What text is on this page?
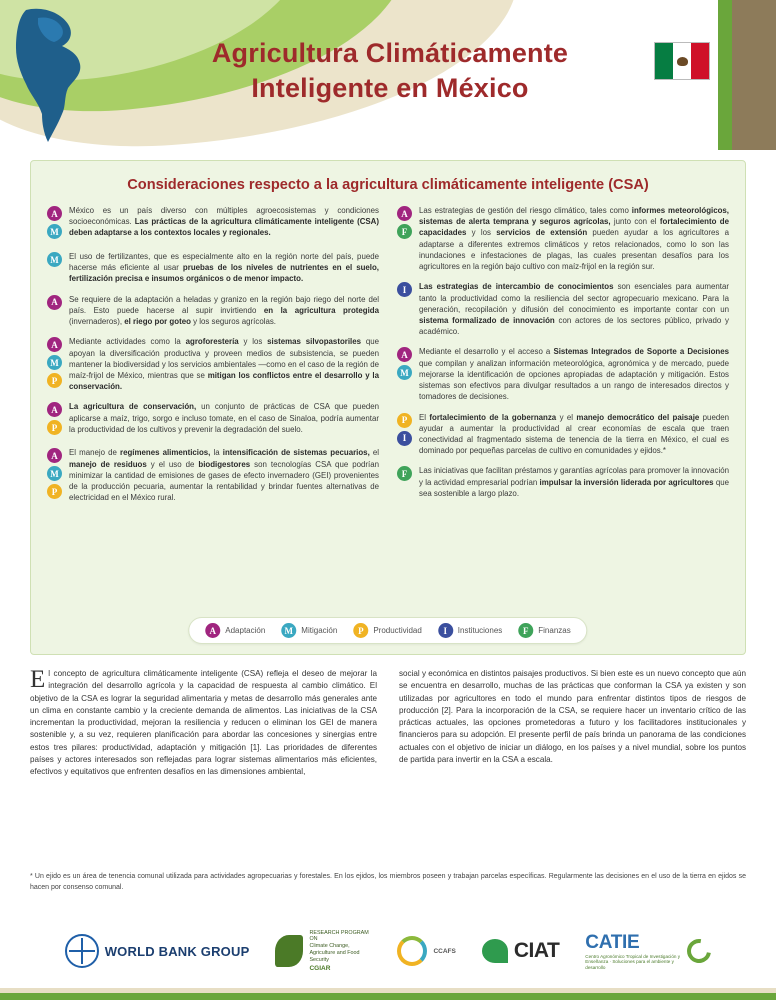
Agricultura Climáticamente
Inteligente en México
Consideraciones respecto a la agricultura climáticamente inteligente (CSA)
A
M
México es un país diverso con múltiples agroecosistemas y condiciones socioeconómicas. Las prácticas de la agricultura climáticamente inteligente (CSA) deben adaptarse a los contextos locales y regionales.
M	El uso de fertilizantes, que es especialmente alto en la región norte del país, puede hacerse más eficiente al usar pruebas de los niveles de nutrientes en el suelo, fertilización precisa e insumos orgánicos o de menor impacto.
A	Se requiere de la adaptación a heladas y granizo en la región bajo riego del norte del país. Esto puede hacerse al supir invirtiendo en la agricultura protegida (invernaderos), el riego por goteo y los seguros agrícolas.
A
M
P
Mediante actividades como la agroforestería y los sistemas silvopastoriles que apoyan la diversificación productiva y proveen medios de subsistencia, se pueden mantener la biodiversidad y los servicios ambientales —como en el caso de la región de maíz-frijol de México, mientras que se mitigan los conflictos entre el desarrollo y la conservación.
A
P
La agricultura de conservación, un conjunto de prácticas de CSA que pueden aplicarse a maíz, trigo, sorgo e incluso tomate, en el caso de Sinaloa, podría aumentar la productividad de los cultivos y prevenir la degradación del suelo.
A
M
P
El manejo de regímenes alimenticios, la intensificación de sistemas pecuarios, el manejo de residuos y el uso de biodigestores son tecnologías CSA que podrían minimizar la cantidad de emisiones de gases de efecto invernadero (GEI) provenientes de la producción pecuaria, aumentar la rentabilidad y brindar fuentes alternativas de electricidad en el México rural.
A
F
Las estrategias de gestión del riesgo climático, tales como informes meteorológicos, sistemas de alerta temprana y seguros agrícolas, junto con el fortalecimiento de capacidades y los servicios de extensión pueden ayudar a los agricultores a adaptarse a diferentes extremos climáticos y retos relacionados, como lo son las inundaciones e infestaciones de plagas, las cuales presentan desafíos para los agricultores en la región bajo cultivo con maíz-frijol en la región sur.
I	Las estrategias de intercambio de conocimientos son esenciales para aumentar tanto la productividad como la resiliencia del sector agropecuario mexicano. Para la generación, recopilación y difusión del conocimiento es importante contar con un sistema formalizado de innovación con actores de los sectores público, privado y académico.
A
M
Mediante el desarrollo y el acceso a Sistemas Integrados de Soporte a Decisiones que compilan y analizan información meteorológica, agronómica y de mercado, puede mejorarse la identificación de opciones apropiadas de adaptación y mitigación. Estos sistemas son efectivos para divulgar resultados a un rango de interesados directos y tomadores de decisiones.
P
I
El fortalecimiento de la gobernanza y el manejo democrático del paisaje pueden ayudar a aumentar la productividad al crear economías de escala que traen conectividad al fragmentado sistema de tenencia de la tierra en México, el cual es dominado por pequeñas parcelas de cultivo en comunidades y ejidos.*
F	Las iniciativas que facilitan préstamos y garantías agrícolas para promover la innovación y la actividad empresarial podrían impulsar la inversión liderada por agricultores que sea sostenible a largo plazo.
A	Adaptación	M	Mitigación	P	Productividad	I	Instituciones	F	Finanzas
El concepto de agricultura climáticamente inteligente (CSA) refleja el deseo de mejorar la integración del desarrollo agrícola y la capacidad de respuesta al cambio climático. El objetivo de la CSA es lograr la seguridad alimentaria y metas de desarrollo más generales ante un clima en constante cambio y la creciente demanda de alimentos. Las iniciativas de la CSA incrementan la productividad, mejoran la resiliencia y reducen o eliminan los GEI de manera sostenible y, a su vez, requieren planificación para abordar las concesiones y sinergias entre estos tres pilares: productividad, adaptación y mitigación [1]. Las prioridades de diferentes países y actores interesados son reflejadas para lograr sistemas alimentarios más eficientes, efectivos y equitativos que enfrenten desafíos en las dimensiones ambiental,
social y económica en distintos paisajes productivos. Si bien este es un nuevo concepto que aún se encuentra en desarrollo, muchas de las prácticas que conforman la CSA ya existen y son utilizadas por agricultores en todo el mundo para enfrentar distintos tipos de riesgos de producción [2]. Para la incorporación de la CSA, se requiere hacer un inventario crítico de las prácticas actuales, las opciones prometedoras a futuro y los facilitadores institucionales y financieros para su adopción. El presente perfil de país brinda un panorama de las condiciones actuales con el objetivo de iniciar un diálogo, en los países y a nivel mundial, sobre los puntos de partida para invertir en la CSA a escala.
* Un ejido es un área de tenencia comunal utilizada para actividades agropecuarias y forestales. En los ejidos, los miembros poseen y trabajan parcelas específicas. Regularmente las decisiones en el uso de la tierra en ejidos se hacen por consenso comunal.
WORLD BANK GROUP
RESEARCH PROGRAM ON
Climate Change, Agriculture and Food Security
CGIAR
CCAFS	CIAT CATIE
Centro Agronómico Tropical de Investigación y Enseñanza · Soluciones para el ambiente y desarrollo
